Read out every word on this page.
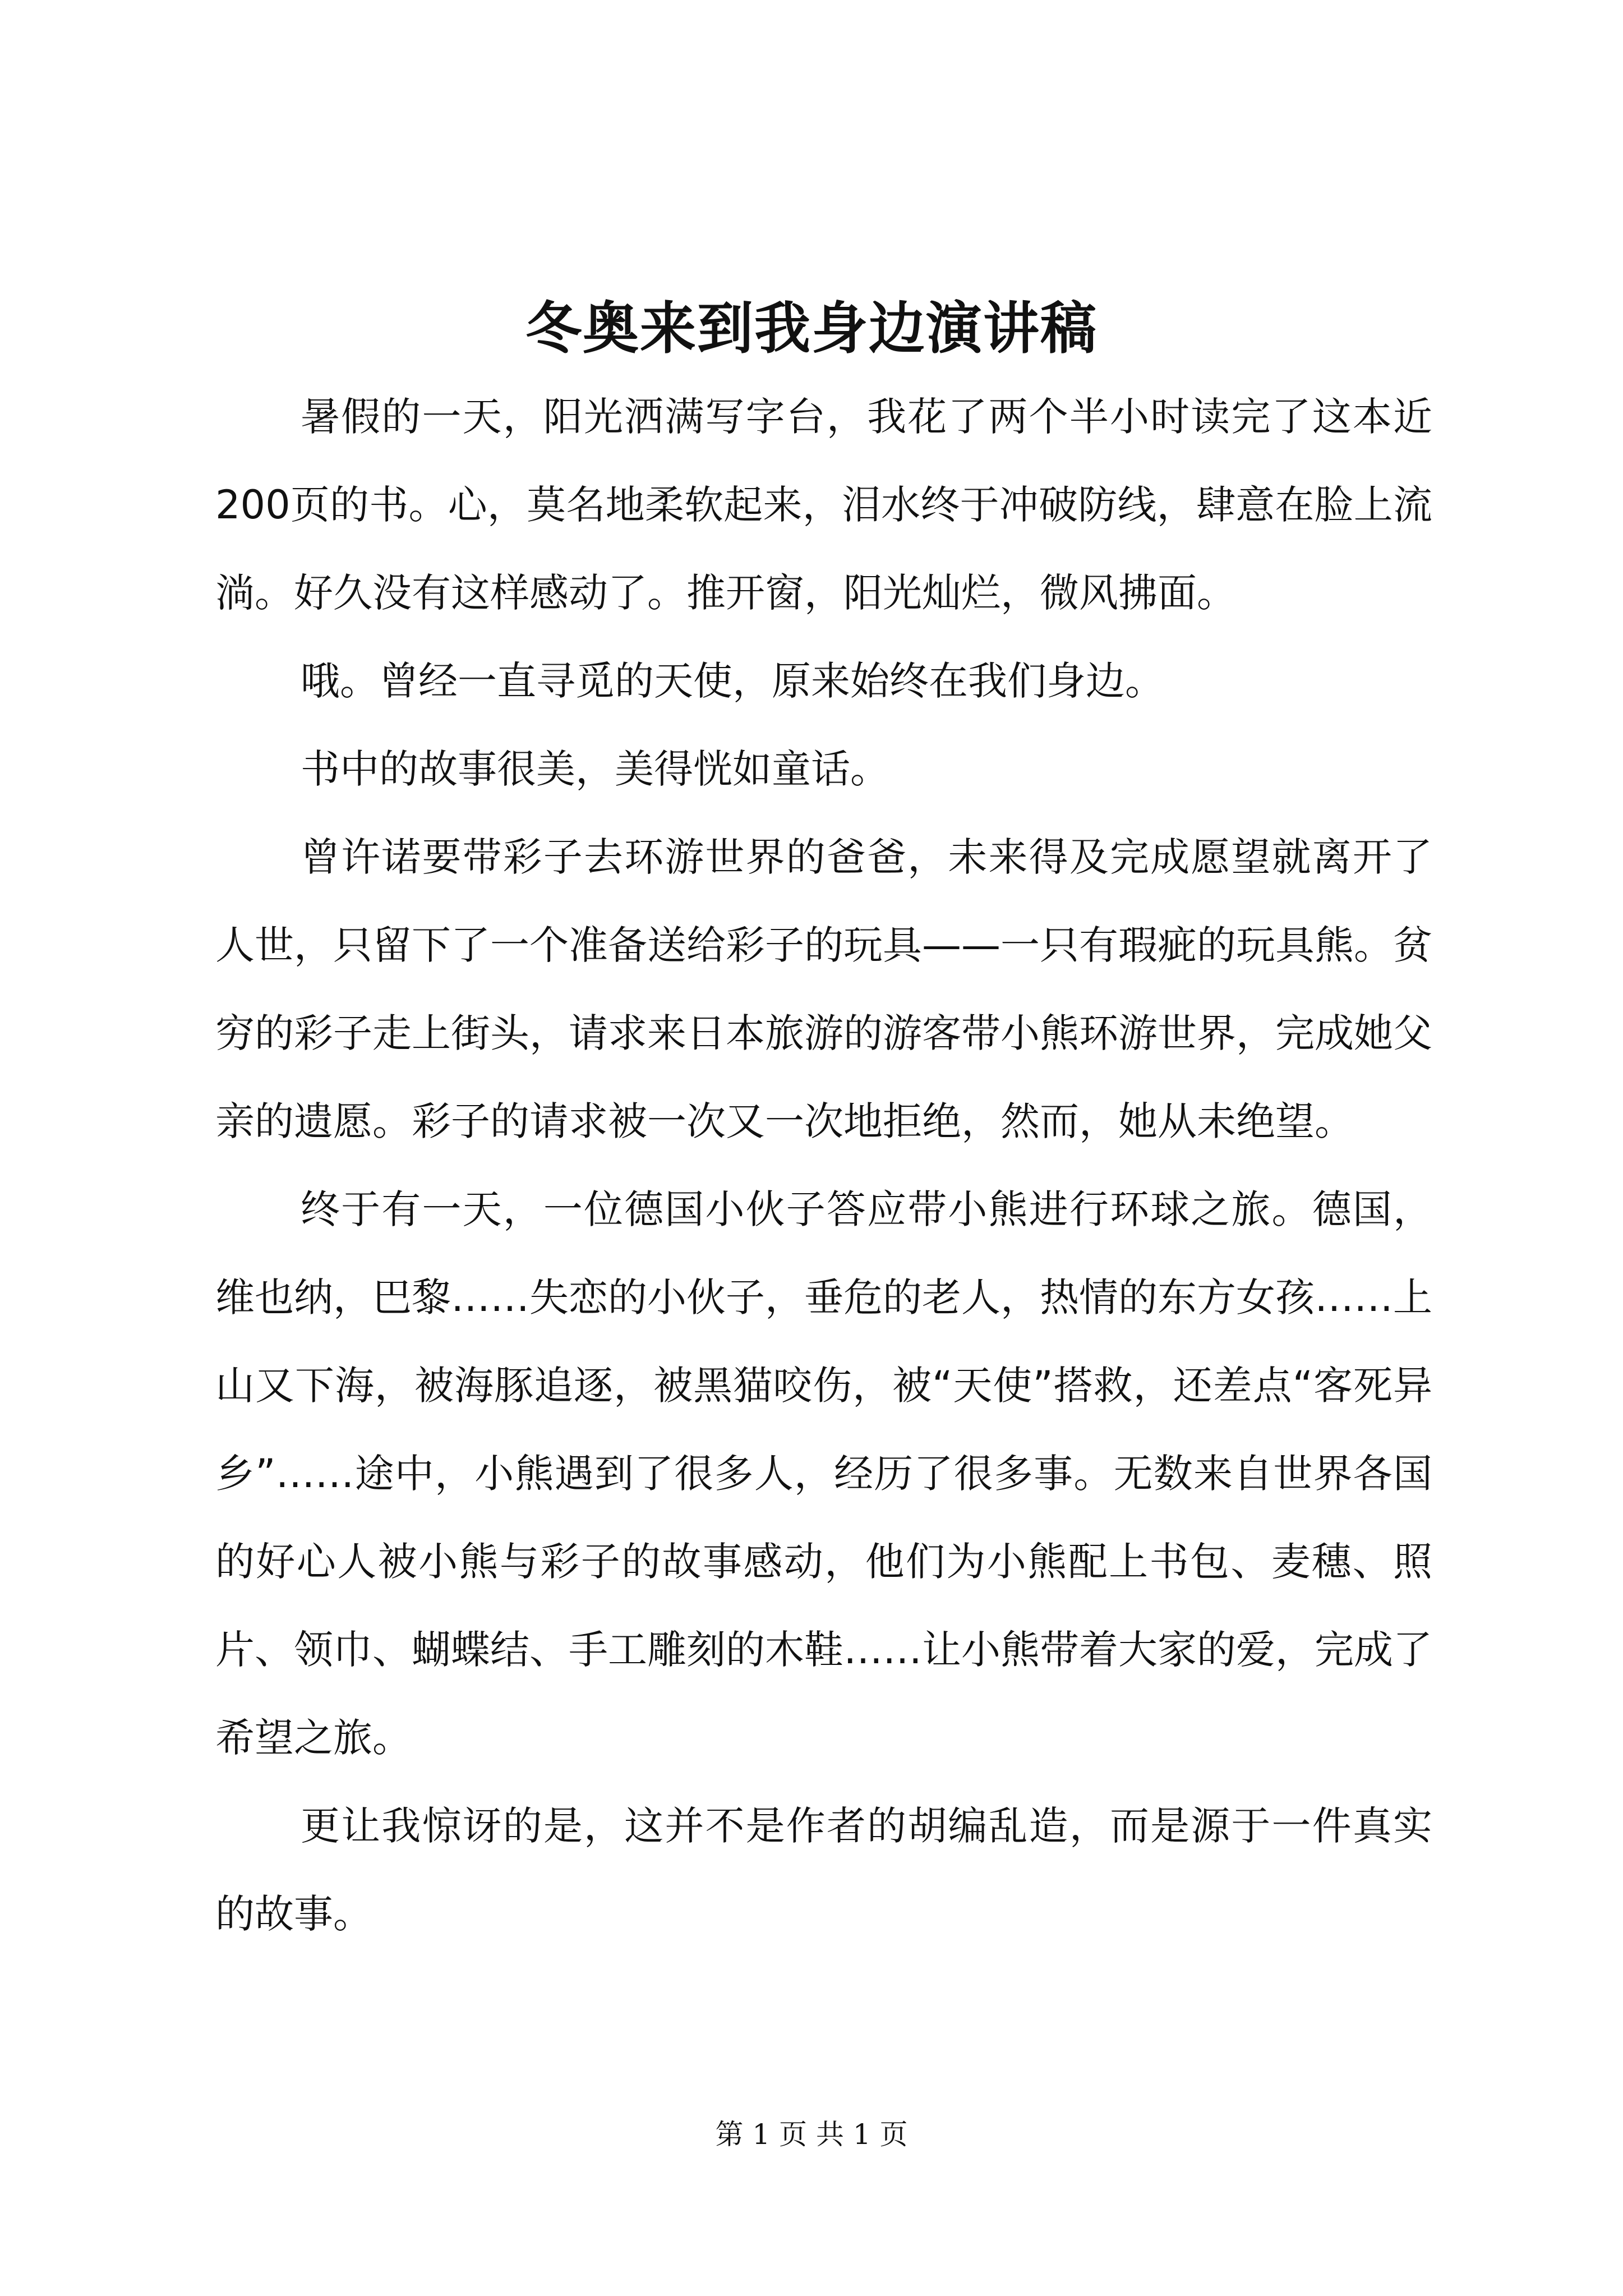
冬奥来到我身边演讲稿

暑假的一天，阳光洒满写字台，我花了两个半小时读完了这本近200页的书。心，莫名地柔软起来，泪水终于冲破防线，肆意在脸上流淌。好久没有这样感动了。推开窗，阳光灿烂，微风拂面。

哦。曾经一直寻觅的天使，原来始终在我们身边。

书中的故事很美，美得恍如童话。

曾许诺要带彩子去环游世界的爸爸，未来得及完成愿望就离开了人世，只留下了一个准备送给彩子的玩具——一只有瑕疵的玩具熊。贫穷的彩子走上街头，请求来日本旅游的游客带小熊环游世界，完成她父亲的遗愿。彩子的请求被一次又一次地拒绝，然而，她从未绝望。

终于有一天，一位德国小伙子答应带小熊进行环球之旅。德国，维也纳，巴黎……失恋的小伙子，垂危的老人，热情的东方女孩……上山又下海，被海豚追逐，被黑猫咬伤，被“天使”搭救，还差点“客死异乡”……途中，小熊遇到了很多人，经历了很多事。无数来自世界各国的好心人被小熊与彩子的故事感动，他们为小熊配上书包、麦穗、照片、领巾、蝴蝶结、手工雕刻的木鞋……让小熊带着大家的爱，完成了希望之旅。

更让我惊讶的是，这并不是作者的胡编乱造，而是源于一件真实的故事。

第 1 页 共 1 页
